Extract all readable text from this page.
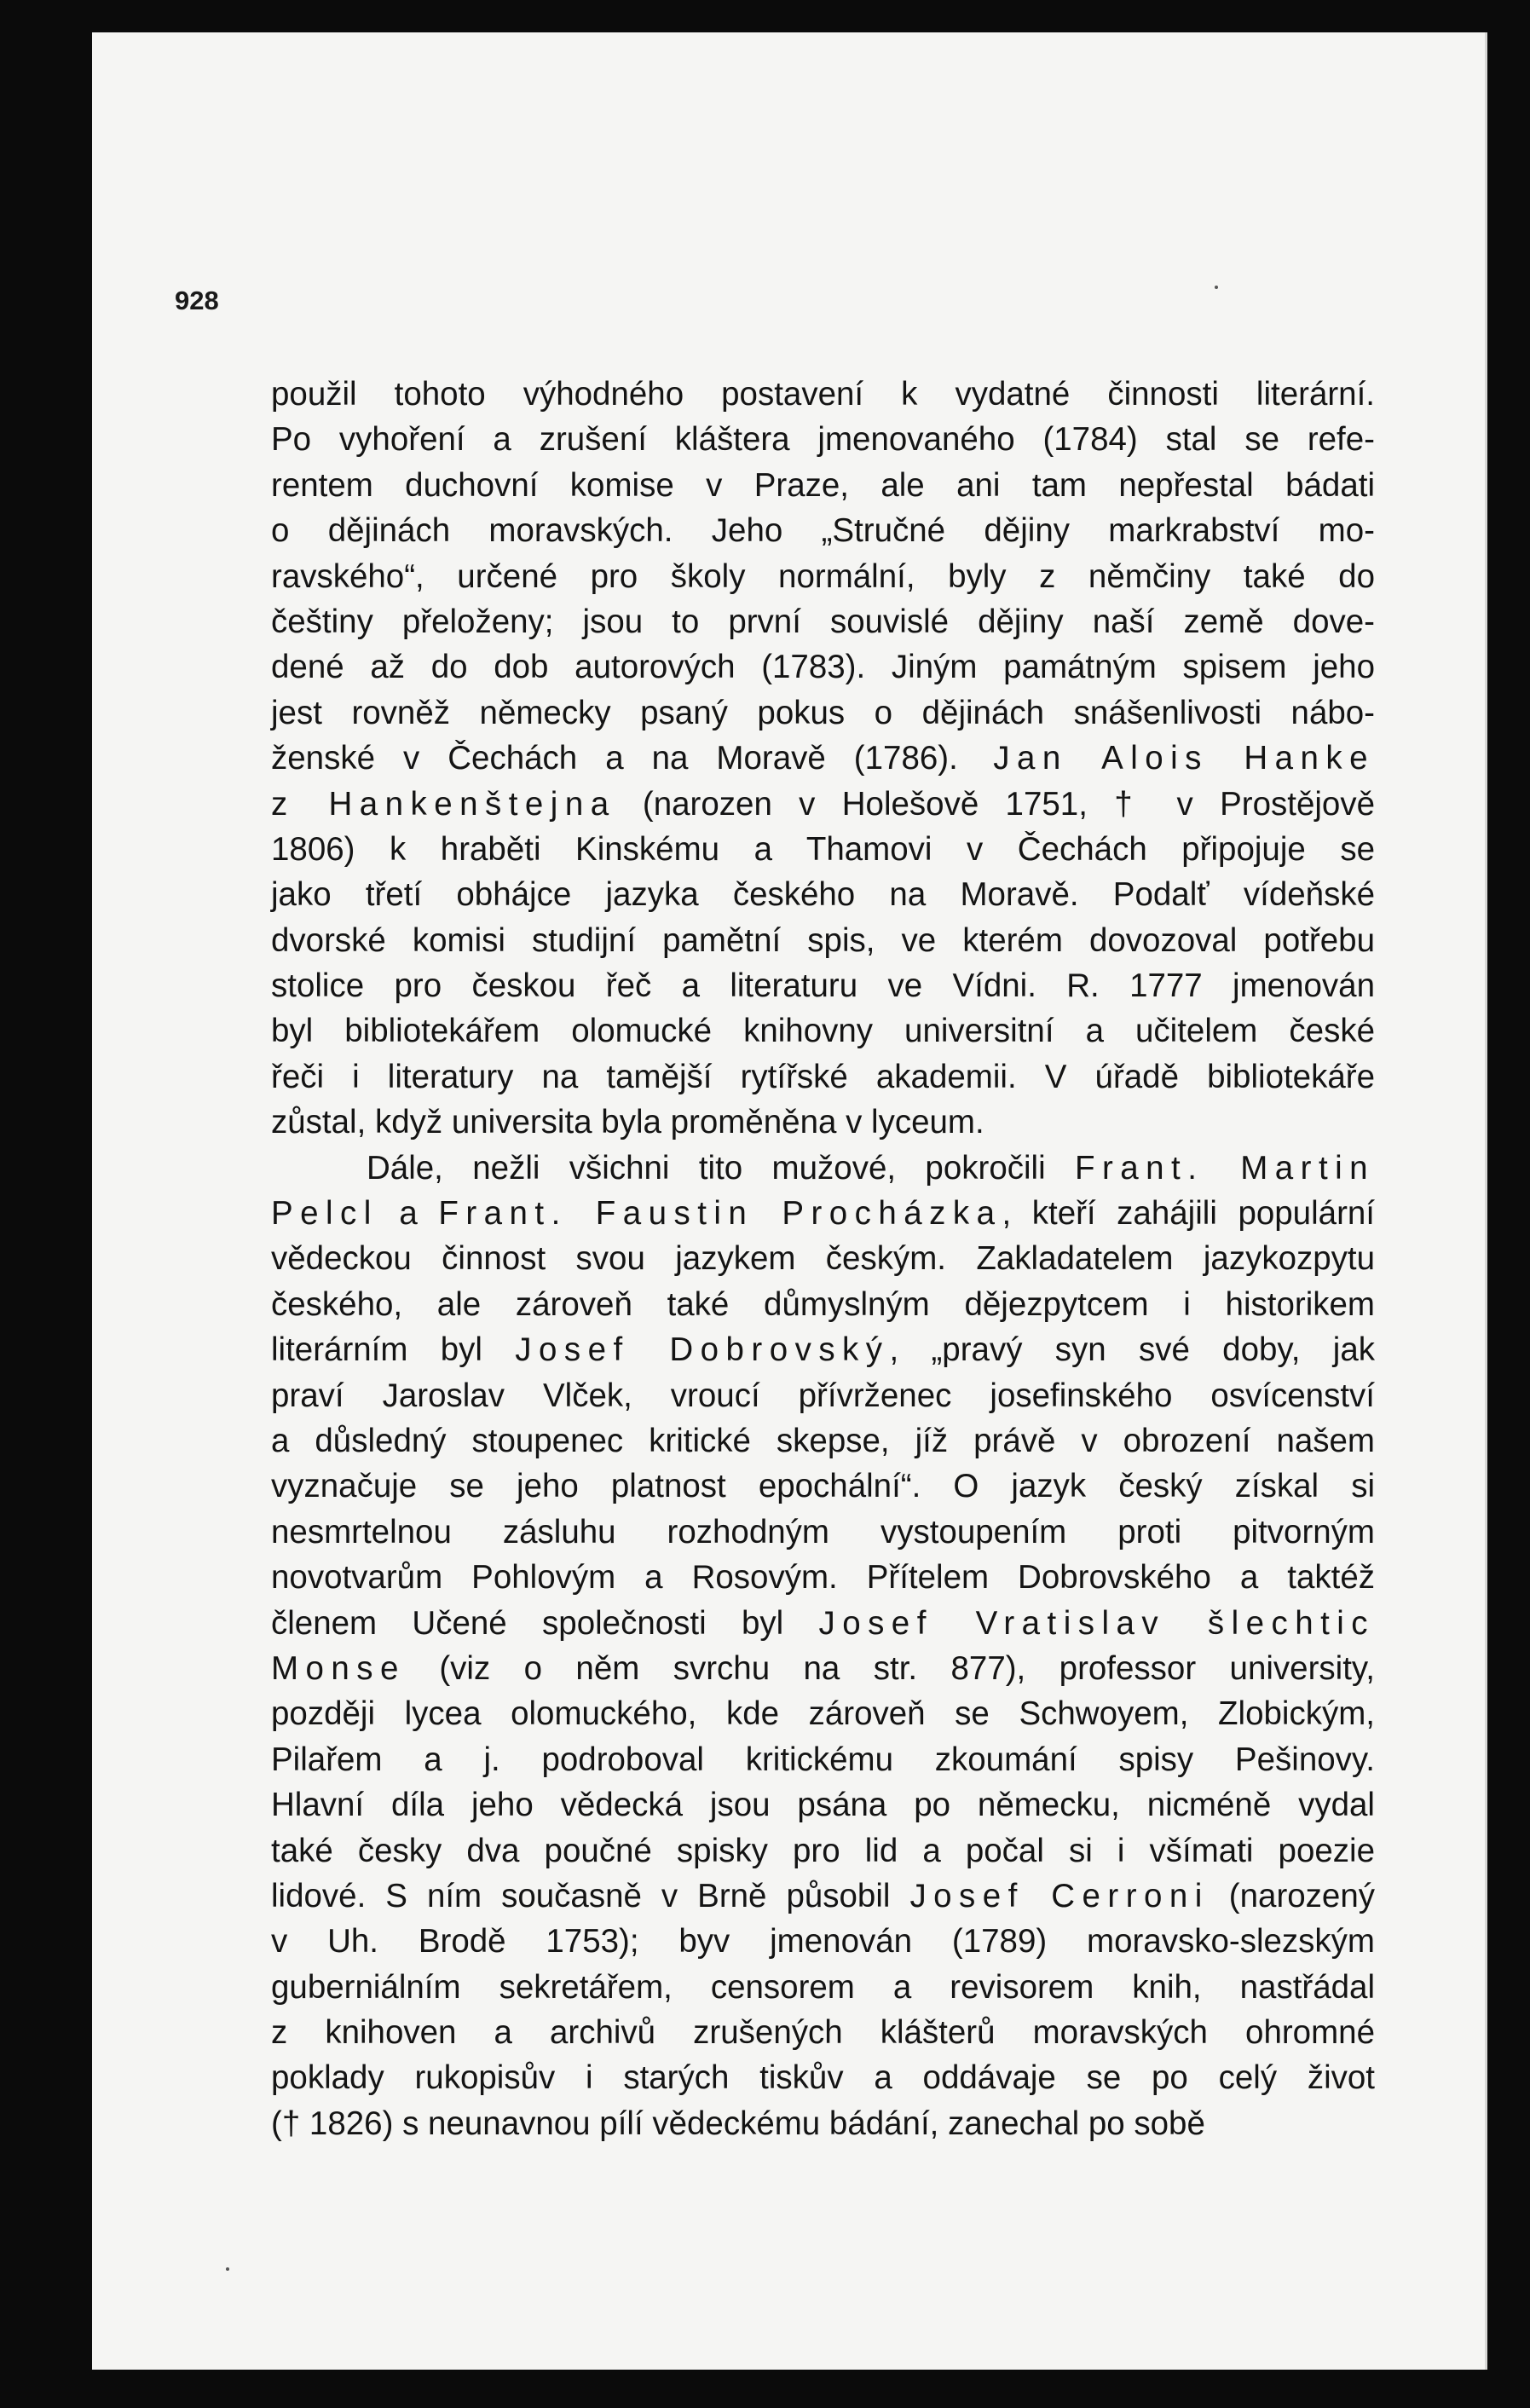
928
použil tohoto výhodného postavení k vydatné činnosti literární.
Po vyhoření a zrušení kláštera jmenovaného (1784) stal se refe-
rentem duchovní komise v Praze, ale ani tam nepřestal bádati
o dějinách moravských. Jeho „Stručné dějiny markrabství mo-
ravského“, určené pro školy normální, byly z němčiny také do
češtiny přeloženy; jsou to první souvislé dějiny naší země dove-
dené až do dob autorových (1783). Jiným památným spisem jeho
jest rovněž německy psaný pokus o dějinách snášenlivosti nábo-
ženské v Čechách a na Moravě (1786). Jan Alois Hanke
z Hankenštejna (narozen v Holešově 1751, † v Prostějově
1806) k hraběti Kinskému a Thamovi v Čechách připojuje se
jako třetí obhájce jazyka českého na Moravě. Podalť vídeňské
dvorské komisi studijní pamětní spis, ve kterém dovozoval potřebu
stolice pro českou řeč a literaturu ve Vídni. R. 1777 jmenován
byl bibliotekářem olomucké knihovny universitní a učitelem české
řeči i literatury na tamější rytířské akademii. V úřadě bibliotekáře
zůstal, když universita byla proměněna v lyceum.
Dále, nežli všichni tito mužové, pokročili Frant. Martin
Pelcl a Frant. Faustin Procházka, kteří zahájili populární
vědeckou činnost svou jazykem českým. Zakladatelem jazykozpytu
českého, ale zároveň také důmyslným dějezpytcem i historikem
literárním byl Josef Dobrovský, „pravý syn své doby, jak
praví Jaroslav Vlček, vroucí přívrženec josefinského osvícenství
a důsledný stoupenec kritické skepse, jíž právě v obrození našem
vyznačuje se jeho platnost epochální“. O jazyk český získal si
nesmrtelnou zásluhu rozhodným vystoupením proti pitvorným
novotvarům Pohlovým a Rosovým. Přítelem Dobrovského a taktéž
členem Učené společnosti byl Josef Vratislav šlechtic
Monse (viz o něm svrchu na str. 877), professor university,
později lycea olomuckého, kde zároveň se Schwoyem, Zlobickým,
Pilařem a j. podroboval kritickému zkoumání spisy Pešinovy.
Hlavní díla jeho vědecká jsou psána po německu, nicméně vydal
také česky dva poučné spisky pro lid a počal si i všímati poezie
lidové. S ním současně v Brně působil Josef Cerroni (narozený
v Uh. Brodě 1753); byv jmenován (1789) moravsko-slezským
guberniálním sekretářem, censorem a revisorem knih, nastřádal
z knihoven a archivů zrušených klášterů moravských ohromné
poklady rukopisův i starých tiskův a oddávaje se po celý život
(† 1826) s neunavnou pílí vědeckému bádání, zanechal po sobě
